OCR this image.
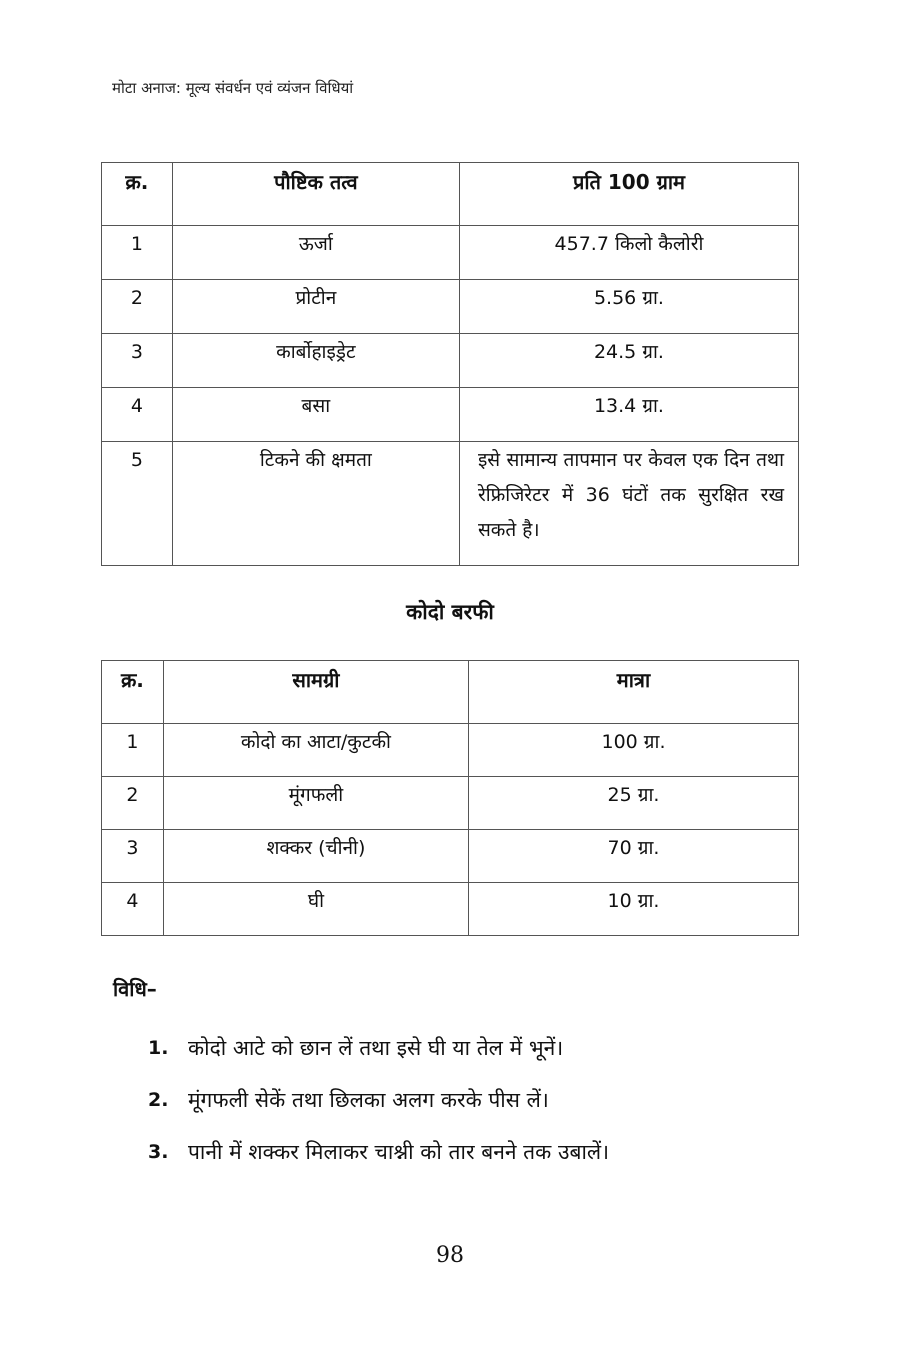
मोटा अनाज: मूल्य संवर्धन एवं व्यंजन विधियां
क्र.	पौष्टिक तत्व	प्रति 100 ग्राम
1	ऊर्जा	457.7 किलो कैलोरी
2	प्रोटीन	5.56 ग्रा.
3	कार्बोहाइड्रेट	24.5 ग्रा.
4	बसा	13.4 ग्रा.
5	टिकने की क्षमता	इसे सामान्य तापमान पर केवल एक दिन तथा रेफ्रिजिरेटर में 36 घंटों तक सुरक्षित रख सकते है।
कोदो बरफी
क्र.	सामग्री	मात्रा
1	कोदो का आटा/कुटकी	100 ग्रा.
2	मूंगफली	25 ग्रा.
3	शक्कर (चीनी)	70 ग्रा.
4	घी	10 ग्रा.
विधि–
1. कोदो आटे को छान लें तथा इसे घी या तेल में भूनें।
2. मूंगफली सेकें तथा छिलका अलग करके पीस लें।
3. पानी में शक्कर मिलाकर चाश्नी को तार बनने तक उबालें।
98
